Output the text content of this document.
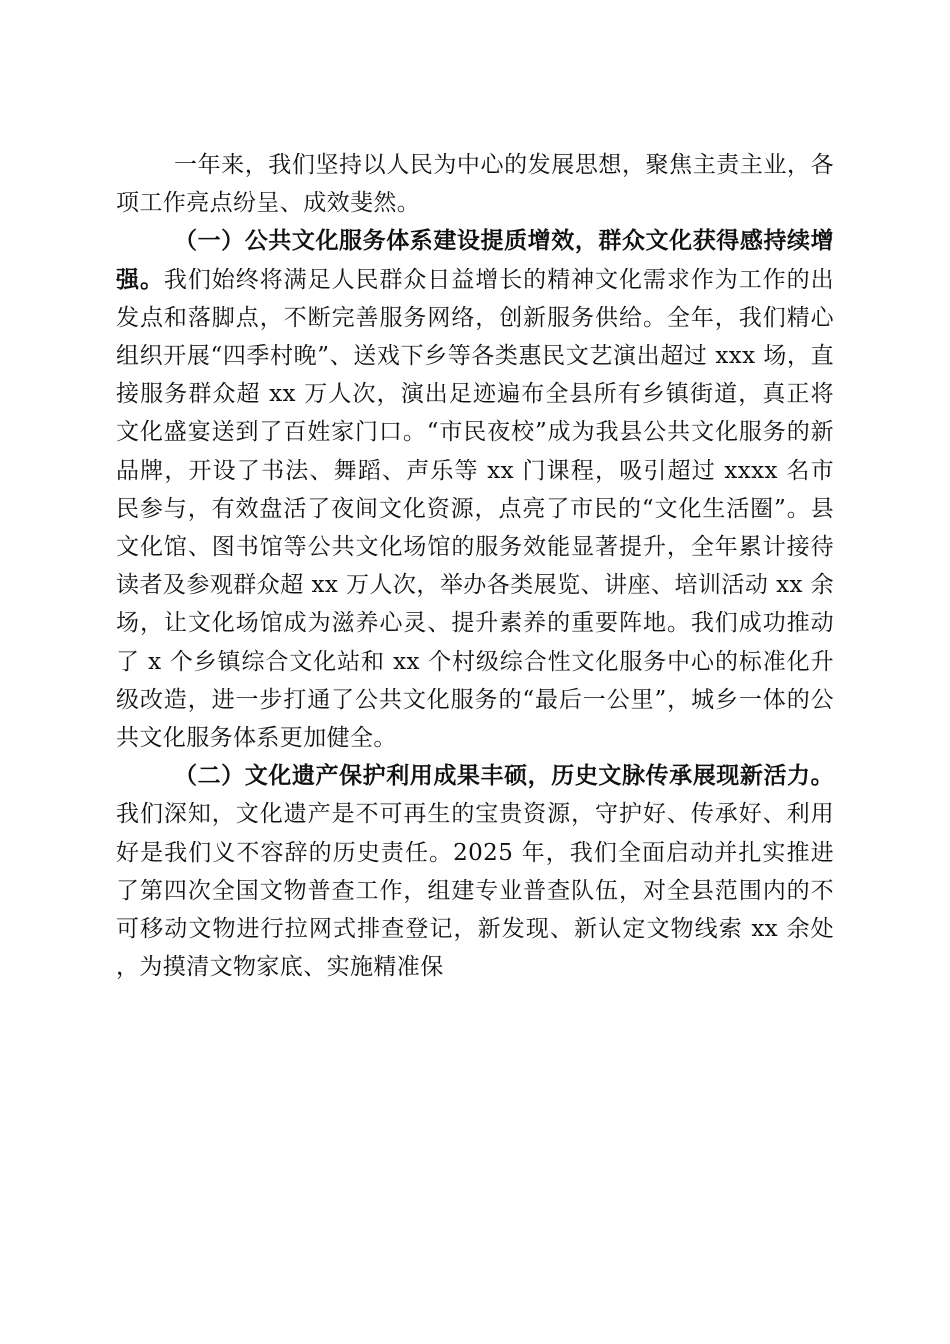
一年来，我们坚持以人民为中心的发展思想，聚焦主责主业，各项工作亮点纷呈、成效斐然。

（一）公共文化服务体系建设提质增效，群众文化获得感持续增强。我们始终将满足人民群众日益增长的精神文化需求作为工作的出发点和落脚点，不断完善服务网络，创新服务供给。全年，我们精心组织开展“四季村晚”、送戏下乡等各类惠民文艺演出超过 xxx 场，直接服务群众超 xx 万人次，演出足迹遍布全县所有乡镇街道，真正将文化盛宴送到了百姓家门口。“市民夜校”成为我县公共文化服务的新品牌，开设了书法、舞蹈、声乐等 xx 门课程，吸引超过 xxxx 名市民参与，有效盘活了夜间文化资源，点亮了市民的“文化生活圈”。县文化馆、图书馆等公共文化场馆的服务效能显著提升，全年累计接待读者及参观群众超 xx 万人次，举办各类展览、讲座、培训活动 xx 余场，让文化场馆成为滋养心灵、提升素养的重要阵地。我们成功推动了 x 个乡镇综合文化站和 xx 个村级综合性文化服务中心的标准化升级改造，进一步打通了公共文化服务的“最后一公里”，城乡一体的公共文化服务体系更加健全。

（二）文化遗产保护利用成果丰硕，历史文脉传承展现新活力。我们深知，文化遗产是不可再生的宝贵资源，守护好、传承好、利用好是我们义不容辞的历史责任。2025 年，我们全面启动并扎实推进了第四次全国文物普查工作，组建专业普查队伍，对全县范围内的不可移动文物进行拉网式排查登记，新发现、新认定文物线索 xx 余处，为摸清文物家底、实施精准保
